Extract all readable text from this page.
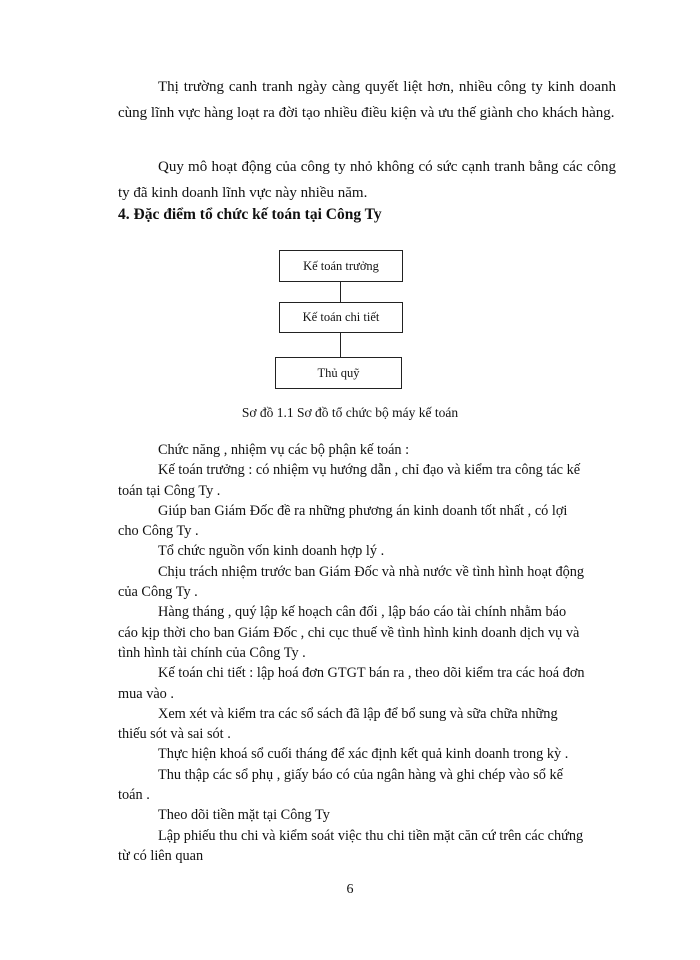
Thị trường canh tranh ngày càng quyết liệt hơn, nhiều công ty kinh doanh cùng lĩnh vực hàng loạt ra đời tạo nhiều điều kiện và ưu thế giành cho khách hàng.

Quy mô hoạt động của công ty nhỏ không có sức cạnh tranh bằng các công ty đã kinh doanh lĩnh vực này nhiều năm.

4. Đặc điểm tổ chức kế toán tại Công Ty
Kế toán trưởng
Kế toán chi tiết
Thủ quỹ

Sơ đồ 1.1 Sơ đồ tổ chức bộ máy kế toán

Chức năng , nhiệm vụ các bộ phận kế toán :

Kế toán trưởng : có nhiệm vụ hướng dẫn , chỉ đạo và kiểm tra công tác kế

toán tại Công Ty .

Giúp ban Giám Đốc đề ra những phương án kinh doanh tốt nhất , có lợi

cho Công Ty .

Tổ chức nguồn vốn kinh doanh hợp lý .

Chịu trách nhiệm trước ban Giám Đốc và nhà nước về tình hình hoạt động

của Công Ty .

Hàng tháng , quý lập kế hoạch cân đối , lập báo cáo tài chính nhằm báo

cáo kịp thời cho ban Giám Đốc , chi cục thuế về tình hình kinh doanh dịch vụ và

tình hình tài chính của Công Ty .

Kế toán chi tiết : lập hoá đơn GTGT bán ra , theo dõi kiểm tra các hoá đơn

mua vào .

Xem xét và kiểm tra các sổ sách đã lập để bổ sung và sữa chữa những

thiếu sót và sai sót .

Thực hiện khoá sổ cuối tháng để xác định kết quả kinh doanh trong kỳ .

Thu thập các sổ phụ , giấy báo có của ngân hàng và ghi chép vào sổ kế

toán .

Theo dõi tiền mặt tại Công Ty

Lập phiếu thu chi và kiểm soát việc thu chi tiền mặt căn cứ trên các chứng

từ có liên quan

6
